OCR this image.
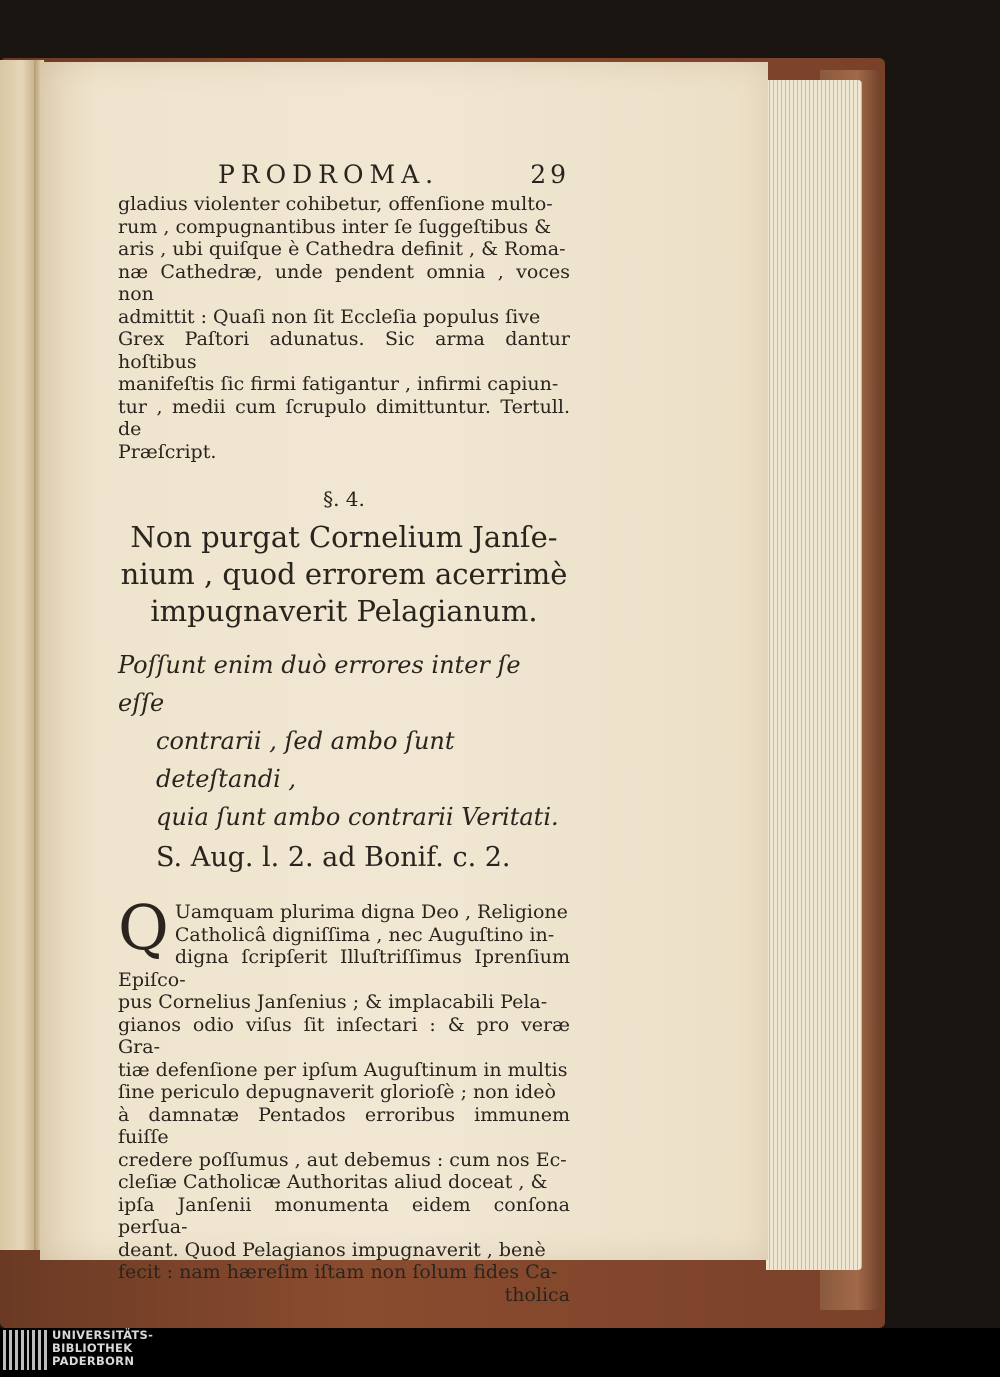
PRODROMA.	29

gladius violenter cohibetur, offenſione multo-

rum , compugnantibus inter ſe ſuggeſtibus &

aris , ubi quiſque è Cathedra definit , & Roma-

næ Cathedræ, unde pendent omnia , voces non

admittit : Quaſi non ſit Eccleſia populus ſive

Grex Paſtori adunatus. Sic arma dantur hoſtibus

manifeſtis ſic firmi fatigantur , infirmi capiun-

tur , medii cum ſcrupulo dimittuntur. Tertull. de

Præſcript.

§. 4.
Non purgat Cornelium Janſe-
nium , quod errorem acerrimè
impugnaverit Pelagianum.
Poſſunt enim duò errores inter ſe eſſe
contrarii , ſed ambo ſunt deteſtandi ,
quia ſunt ambo contrarii Veritati.
S. Aug. l. 2. ad Bonif. c. 2.
Q Uamquam plurima digna Deo , Religione
Catholicâ digniſſima , nec Auguſtino in-
digna ſcripſerit Illuſtriſſimus Iprenſium Epiſco-
pus Cornelius Janſenius ; & implacabili Pela-
gianos odio viſus ſit inſectari : & pro veræ Gra-
tiæ defenſione per ipſum Auguſtinum in multis
ſine periculo depugnaverit glorioſè ; non ideò
à damnatæ Pentados erroribus immunem fuiſſe
credere poſſumus , aut debemus : cum nos Ec-
cleſiæ Catholicæ Authoritas aliud doceat , &
ipſa Janſenii monumenta eidem conſona perſua-
deant. Quod Pelagianos impugnaverit , benè
fecit : nam hæreſim iſtam non ſolum fides Ca-
tholica
UNIVERSITÄTS-
BIBLIOTHEK
PADERBORN
